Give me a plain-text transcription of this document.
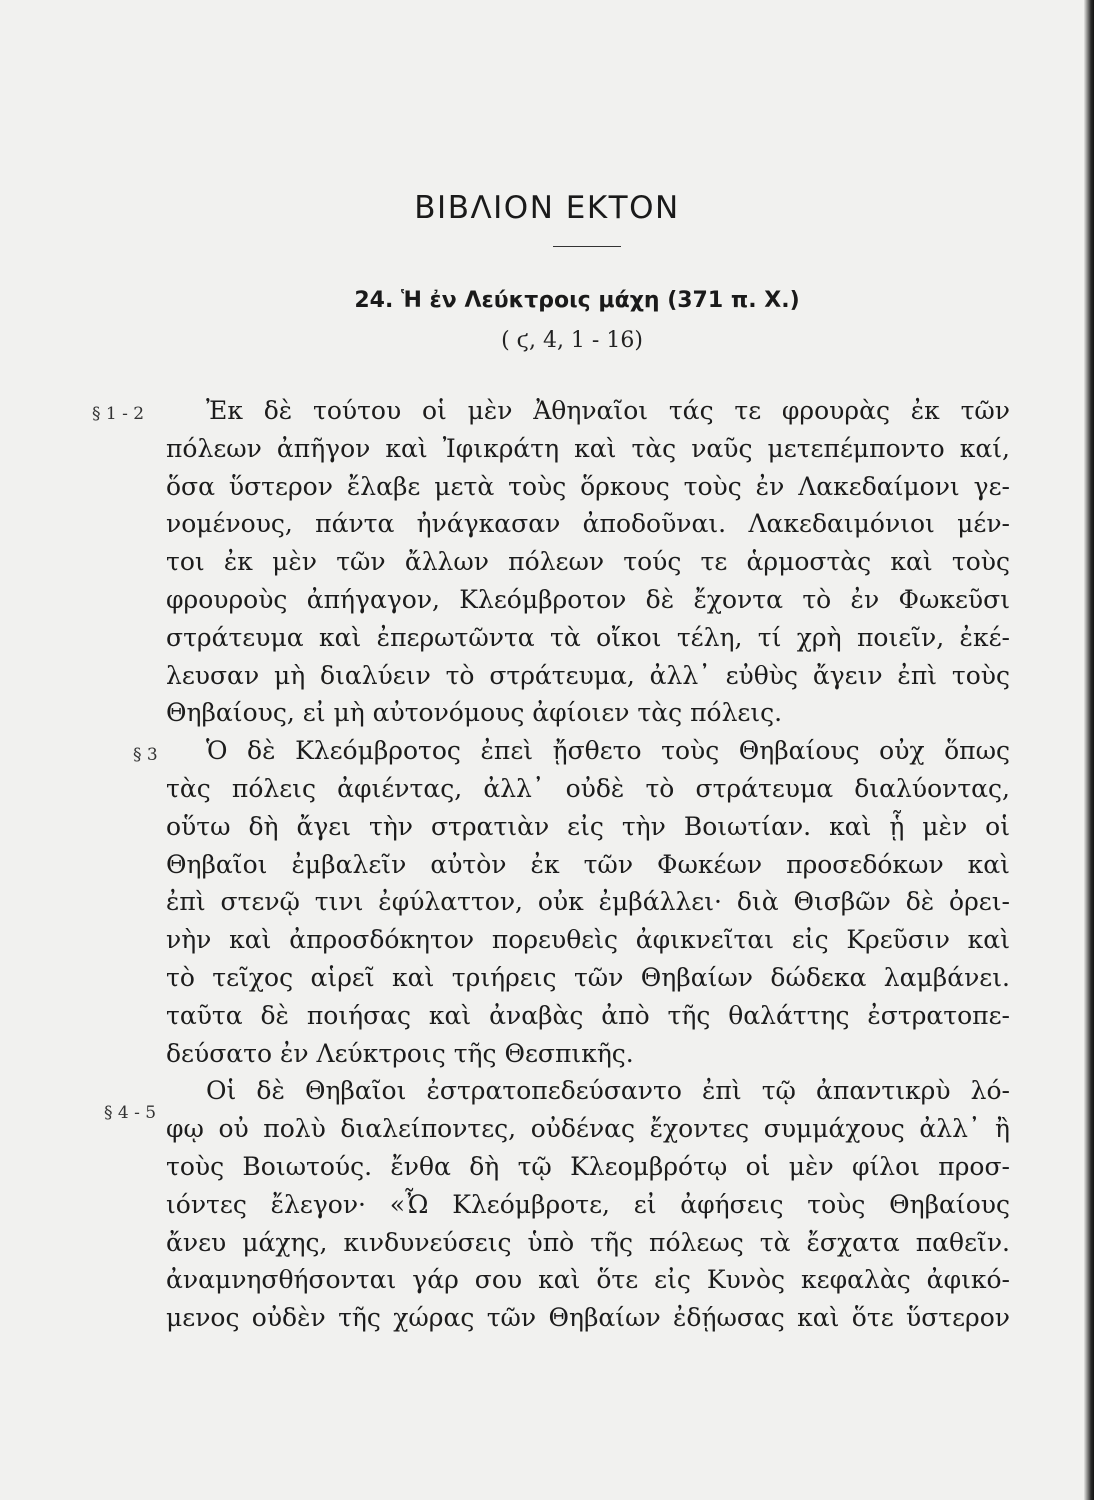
ΒΙΒΛΙΟΝ ΕΚΤΟΝ
24. Ἡ ἐν Λεύκτροις μάχη (371 π. Χ.)
( ϛ, 4, 1 - 16)
§ 1 - 2
§ 3
§ 4 - 5
Ἐκ δὲ τούτου οἱ μὲν Ἀθηναῖοι τάς τε φρουρὰς ἐκ τῶν
πόλεων ἀπῆγον καὶ Ἰφικράτη καὶ τὰς ναῦς μετεπέμποντο καί,
ὅσα ὕστερον ἔλαβε μετὰ τοὺς ὅρκους τοὺς ἐν Λακεδαίμονι γε-
νομένους, πάντα ἠνάγκασαν ἀποδοῦναι. Λακεδαιμόνιοι μέν-
τοι ἐκ μὲν τῶν ἄλλων πόλεων τούς τε ἁρμοστὰς καὶ τοὺς
φρουροὺς ἀπήγαγον, Κλεόμβροτον δὲ ἔχοντα τὸ ἐν Φωκεῦσι
στράτευμα καὶ ἐπερωτῶντα τὰ οἴκοι τέλη, τί χρὴ ποιεῖν, ἐκέ-
λευσαν μὴ διαλύειν τὸ στράτευμα, ἀλλ᾿ εὐθὺς ἄγειν ἐπὶ τοὺς
Θηβαίους, εἰ μὴ αὐτονόμους ἀφίοιεν τὰς πόλεις.
Ὁ δὲ Κλεόμβροτος ἐπεὶ ᾔσθετο τοὺς Θηβαίους οὐχ ὅπως
τὰς πόλεις ἀφιέντας, ἀλλ᾿ οὐδὲ τὸ στράτευμα διαλύοντας,
οὕτω δὴ ἄγει τὴν στρατιὰν εἰς τὴν Βοιωτίαν. καὶ ᾗ μὲν οἱ
Θηβαῖοι ἐμβαλεῖν αὐτὸν ἐκ τῶν Φωκέων προσεδόκων καὶ
ἐπὶ στενῷ τινι ἐφύλαττον, οὐκ ἐμβάλλει· διὰ Θισβῶν δὲ ὀρει-
νὴν καὶ ἀπροσδόκητον πορευθεὶς ἀφικνεῖται εἰς Κρεῦσιν καὶ
τὸ τεῖχος αἱρεῖ καὶ τριήρεις τῶν Θηβαίων δώδεκα λαμβάνει.
ταῦτα δὲ ποιήσας καὶ ἀναβὰς ἀπὸ τῆς θαλάττης ἐστρατοπε-
δεύσατο ἐν Λεύκτροις τῆς Θεσπικῆς.
Οἱ δὲ Θηβαῖοι ἐστρατοπεδεύσαντο ἐπὶ τῷ ἀπαντικρὺ λό-
φῳ οὐ πολὺ διαλείποντες, οὐδένας ἔχοντες συμμάχους ἀλλ᾿ ἢ
τοὺς Βοιωτούς. ἔνθα δὴ τῷ Κλεομβρότῳ οἱ μὲν φίλοι προσ-
ιόντες ἔλεγον· «Ὦ Κλεόμβροτε, εἰ ἀφήσεις τοὺς Θηβαίους
ἄνευ μάχης, κινδυνεύσεις ὑπὸ τῆς πόλεως τὰ ἔσχατα παθεῖν.
ἀναμνησθήσονται γάρ σου καὶ ὅτε εἰς Κυνὸς κεφαλὰς ἀφικό-
μενος οὐδὲν τῆς χώρας τῶν Θηβαίων ἐδῄωσας καὶ ὅτε ὕστερον
